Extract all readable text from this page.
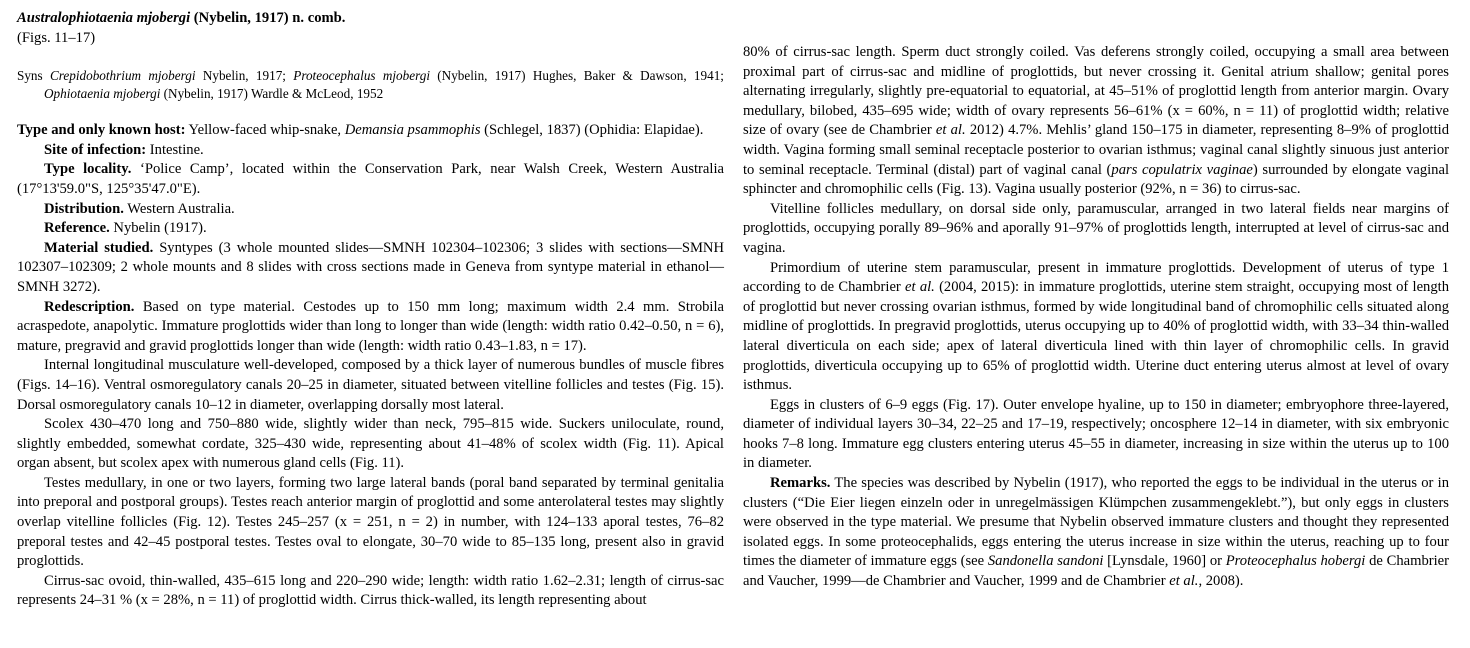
Australophiotaenia mjobergi (Nybelin, 1917) n. comb.

(Figs. 11–17)

Syns Crepidobothrium mjobergi Nybelin, 1917; Proteocephalus mjobergi (Nybelin, 1917) Hughes, Baker & Dawson, 1941; Ophiotaenia mjobergi (Nybelin, 1917) Wardle & McLeod, 1952

Type and only known host: Yellow-faced whip-snake, Demansia psammophis (Schlegel, 1837) (Ophidia: Elapidae).

Site of infection: Intestine.

Type locality. ‘Police Camp’, located within the Conservation Park, near Walsh Creek, Western Australia (17°13'59.0"S, 125°35'47.0"E).

Distribution. Western Australia.

Reference. Nybelin (1917).

Material studied. Syntypes (3 whole mounted slides—SMNH 102304–102306; 3 slides with sections—SMNH 102307–102309; 2 whole mounts and 8 slides with cross sections made in Geneva from syntype material in ethanol—SMNH 3272).

Redescription. Based on type material. Cestodes up to 150 mm long; maximum width 2.4 mm. Strobila acraspedote, anapolytic. Immature proglottids wider than long to longer than wide (length: width ratio 0.42–0.50, n = 6), mature, pregravid and gravid proglottids longer than wide (length: width ratio 0.43–1.83, n = 17).

Internal longitudinal musculature well-developed, composed by a thick layer of numerous bundles of muscle fibres (Figs. 14–16). Ventral osmoregulatory canals 20–25 in diameter, situated between vitelline follicles and testes (Fig. 15). Dorsal osmoregulatory canals 10–12 in diameter, overlapping dorsally most lateral.

Scolex 430–470 long and 750–880 wide, slightly wider than neck, 795–815 wide. Suckers uniloculate, round, slightly embedded, somewhat cordate, 325–430 wide, representing about 41–48% of scolex width (Fig. 11). Apical organ absent, but scolex apex with numerous gland cells (Fig. 11).

Testes medullary, in one or two layers, forming two large lateral bands (poral band separated by terminal genitalia into preporal and postporal groups). Testes reach anterior margin of proglottid and some anterolateral testes may slightly overlap vitelline follicles (Fig. 12). Testes 245–257 (x = 251, n = 2) in number, with 124–133 aporal testes, 76–82 preporal testes and 42–45 postporal testes. Testes oval to elongate, 30–70 wide to 85–135 long, present also in gravid proglottids.

Cirrus-sac ovoid, thin-walled, 435–615 long and 220–290 wide; length: width ratio 1.62–2.31; length of cirrus-sac represents 24–31 % (x = 28%, n = 11) of proglottid width. Cirrus thick-walled, its length representing about

80% of cirrus-sac length. Sperm duct strongly coiled. Vas deferens strongly coiled, occupying a small area between proximal part of cirrus-sac and midline of proglottids, but never crossing it. Genital atrium shallow; genital pores alternating irregularly, slightly pre-equatorial to equatorial, at 45–51% of proglottid length from anterior margin. Ovary medullary, bilobed, 435–695 wide; width of ovary represents 56–61% (x = 60%, n = 11) of proglottid width; relative size of ovary (see de Chambrier et al. 2012) 4.7%. Mehlis’ gland 150–175 in diameter, representing 8–9% of proglottid width. Vagina forming small seminal receptacle posterior to ovarian isthmus; vaginal canal slightly sinuous just anterior to seminal receptacle. Terminal (distal) part of vaginal canal (pars copulatrix vaginae) surrounded by elongate vaginal sphincter and chromophilic cells (Fig. 13). Vagina usually posterior (92%, n = 36) to cirrus-sac.

Vitelline follicles medullary, on dorsal side only, paramuscular, arranged in two lateral fields near margins of proglottids, occupying porally 89–96% and aporally 91–97% of proglottids length, interrupted at level of cirrus-sac and vagina.

Primordium of uterine stem paramuscular, present in immature proglottids. Development of uterus of type 1 according to de Chambrier et al. (2004, 2015): in immature proglottids, uterine stem straight, occupying most of length of proglottid but never crossing ovarian isthmus, formed by wide longitudinal band of chromophilic cells situated along midline of proglottids. In pregravid proglottids, uterus occupying up to 40% of proglottid width, with 33–34 thin-walled lateral diverticula on each side; apex of lateral diverticula lined with thin layer of chromophilic cells. In gravid proglottids, diverticula occupying up to 65% of proglottid width. Uterine duct entering uterus almost at level of ovary isthmus.

Eggs in clusters of 6–9 eggs (Fig. 17). Outer envelope hyaline, up to 150 in diameter; embryophore three-layered, diameter of individual layers 30–34, 22–25 and 17–19, respectively; oncosphere 12–14 in diameter, with six embryonic hooks 7–8 long. Immature egg clusters entering uterus 45–55 in diameter, increasing in size within the uterus up to 100 in diameter.

Remarks. The species was described by Nybelin (1917), who reported the eggs to be individual in the uterus or in clusters (“Die Eier liegen einzeln oder in unregelmässigen Klümpchen zusammengeklebt.”), but only eggs in clusters were observed in the type material. We presume that Nybelin observed immature clusters and thought they represented isolated eggs. In some proteocephalids, eggs entering the uterus increase in size within the uterus, reaching up to four times the diameter of immature eggs (see Sandonella sandoni [Lynsdale, 1960] or Proteocephalus hobergi de Chambrier and Vaucher, 1999—de Chambrier and Vaucher, 1999 and de Chambrier et al., 2008).
